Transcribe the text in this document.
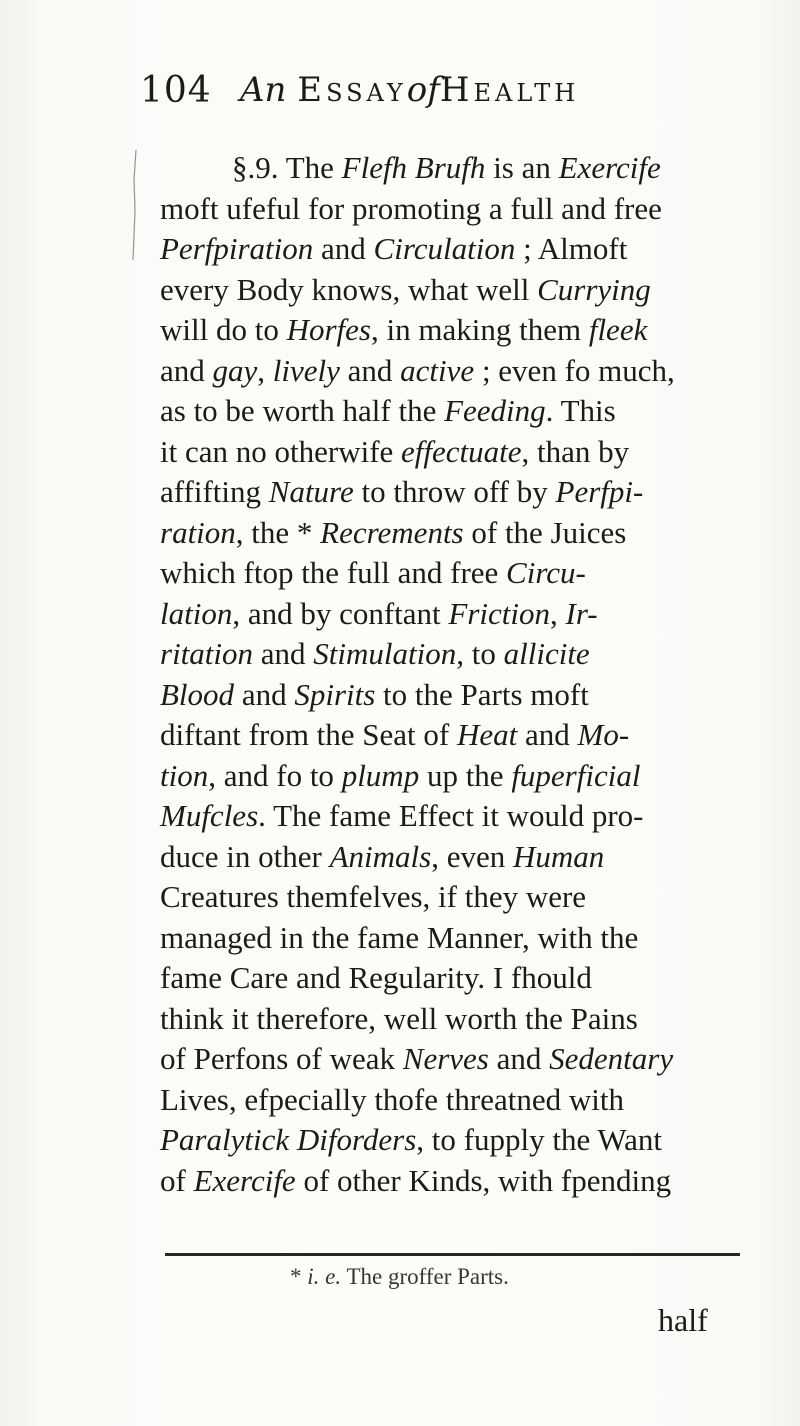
104 An EssayofHealth
§.9. The Flefh Brufh is an Exercife
moft ufeful for promoting a full and free
Perfpiration and Circulation ; Almoft
every Body knows, what well Currying
will do to Horfes, in making them fleek
and gay, lively and active ; even fo much,
as to be worth half the Feeding. This
it can no otherwife effectuate, than by
affifting Nature to throw off by Perfpi-
ration, the * Recrements of the Juices
which ftop the full and free Circu-
lation, and by conftant Friction, Ir-
ritation and Stimulation, to allicite
Blood and Spirits to the Parts moft
diftant from the Seat of Heat and Mo-
tion, and fo to plump up the fuperficial
Mufcles. The fame Effect it would pro-
duce in other Animals, even Human
Creatures themfelves, if they were
managed in the fame Manner, with the
fame Care and Regularity. I fhould
think it therefore, well worth the Pains
of Perfons of weak Nerves and Sedentary
Lives, efpecially thofe threatned with
Paralytick Diforders, to fupply the Want
of Exercife of other Kinds, with fpending
* i. e. The groffer Parts.
half
